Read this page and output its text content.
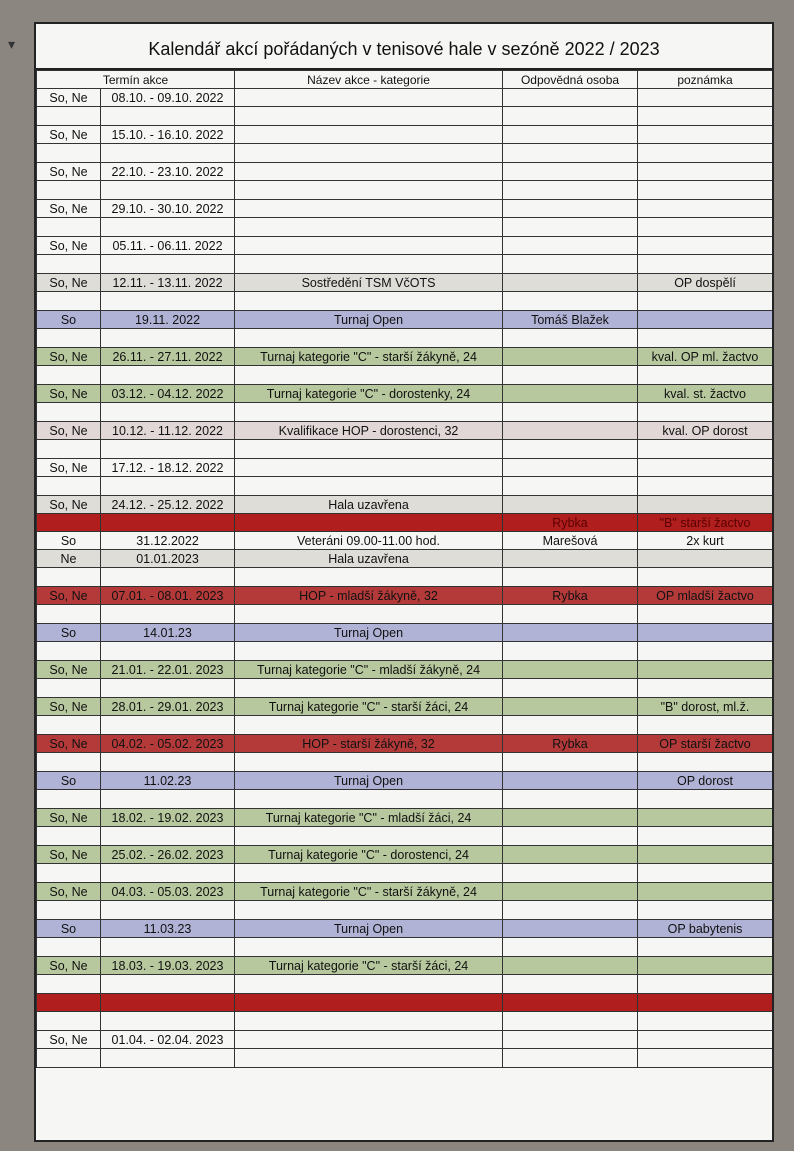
▾	Kalendář akcí pořádaných v tenisové hale v sezóně 2022 / 2023
Termín akce		Název akce - kategorie	Odpovědná osoba	poznámka
So, Ne	08.10. - 09.10. 2022			

So, Ne	15.10. - 16.10. 2022			

So, Ne	22.10. - 23.10. 2022			

So, Ne	29.10. - 30.10. 2022			

So, Ne	05.11. - 06.11. 2022			

So, Ne	12.11. - 13.11. 2022	Sostředění TSM VčOTS		OP dospělí

So	19.11. 2022	Turnaj Open	Tomáš Blažek	

So, Ne	26.11. - 27.11. 2022	Turnaj kategorie "C" - starší žákyně, 24		kval. OP ml. žactvo

So, Ne	03.12. - 04.12. 2022	Turnaj kategorie "C" - dorostenky, 24		kval. st. žactvo

So, Ne	10.12. - 11.12. 2022	Kvalifikace HOP - dorostenci, 32		kval. OP dorost

So, Ne	17.12. - 18.12. 2022			

So, Ne	24.12. - 25.12. 2022	Hala uzavřena		
			Rybka	"B" starší žactvo
So	31.12.2022	Veteráni 09.00-11.00 hod.	Marešová	2x kurt
Ne	01.01.2023	Hala uzavřena		

So, Ne	07.01. - 08.01. 2023	HOP - mladší žákyně, 32	Rybka	OP mladší žactvo

So	14.01.23	Turnaj Open		

So, Ne	21.01. - 22.01. 2023	Turnaj kategorie "C" - mladší žákyně, 24		

So, Ne	28.01. - 29.01. 2023	Turnaj kategorie "C" - starší žáci, 24		"B" dorost, ml.ž.

So, Ne	04.02. - 05.02. 2023	HOP - starší žákyně, 32	Rybka	OP starší žactvo

So	11.02.23	Turnaj Open		OP dorost

So, Ne	18.02. - 19.02. 2023	Turnaj kategorie "C" - mladší žáci, 24		

So, Ne	25.02. - 26.02. 2023	Turnaj kategorie "C" - dorostenci, 24		

So, Ne	04.03. - 05.03. 2023	Turnaj kategorie "C" - starší žákyně, 24		

So	11.03.23	Turnaj Open		OP babytenis

So, Ne	18.03. - 19.03. 2023	Turnaj kategorie "C" - starší žáci, 24		

So, Ne	01.04. - 02.04. 2023			
